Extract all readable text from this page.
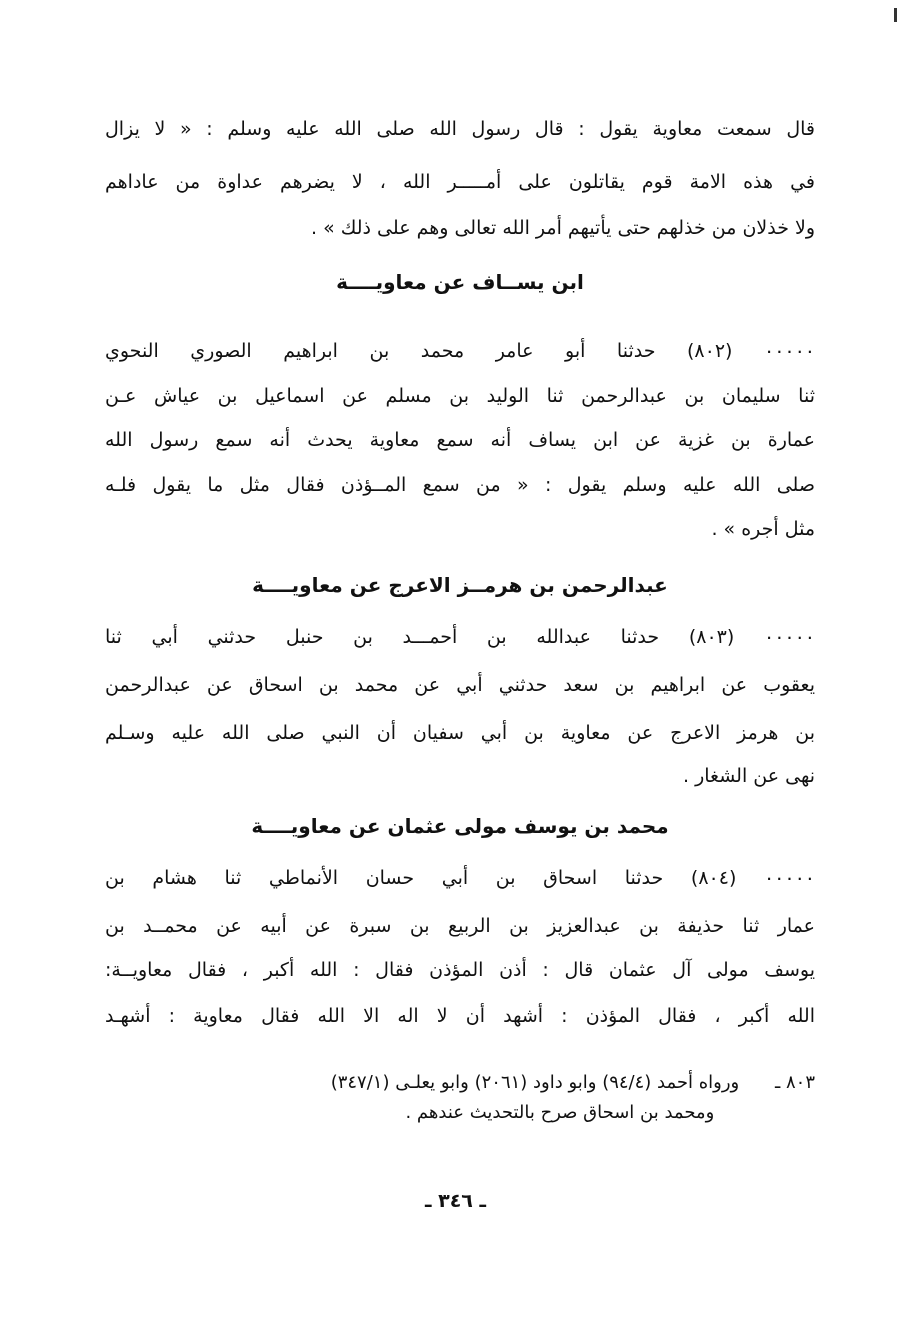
قال سمعت معاوية يقول : قال رسول الله صلى الله عليه وسلم : « لا يزال
في هذه الامة قوم يقاتلون على أمـــــر الله ، لا يضرهم عداوة من عاداهم
ولا خذلان من خذلهم حتى يأتيهم أمر الله تعالى وهم على ذلك » .
ابن يســاف عن معاويــــة
٠٠٠٠٠ (٨٠٢) حدثنا أبو عامر محمد بن ابراهيم الصوري النحوي
ثنا سليمان بن عبدالرحمن ثنا الوليد بن مسلم عن اسماعيل بن عياش عـن
عمارة بن غزية عن ابن يساف أنه سمع معاوية يحدث أنه سمع رسول الله
صلى الله عليه وسلم يقول : « من سمع المــؤذن فقال مثل ما يقول فلـه
مثل أجره » .
عبدالرحمن بن هرمــز الاعرج عن معاويــــة
٠٠٠٠٠ (٨٠٣) حدثنا عبدالله بن أحمـــد بن حنبل حدثني أبي ثنا
يعقوب عن ابراهيم بن سعد حدثني أبي عن محمد بن اسحاق عن عبدالرحمن
بن هرمز الاعرج عن معاوية بن أبي سفيان أن النبي صلى الله عليه وسـلم
نهى عن الشغار .
محمد بن يوسف مولى عثمان عن معاويــــة
٠٠٠٠٠ (٨٠٤) حدثنا اسحاق بن أبي حسان الأنماطي ثنا هشام بن
عمار ثنا حذيفة بن عبدالعزيز بن الربيع بن سبرة عن أبيه عن محمــد بن
يوسف مولى آل عثمان قال : أذن المؤذن فقال : الله أكبر ، فقال معاويــة:
الله أكبر ، فقال المؤذن : أشهد أن لا اله الا الله فقال معاوية : أشهـد
٨٠٣ ـ ورواه أحمد (٩٤/٤) وابو داود (٢٠٦١) وابو يعلـى (٣٤٧/١)
ومحمد بن اسحاق صرح بالتحديث عندهم .
ـ ٣٤٦ ـ
